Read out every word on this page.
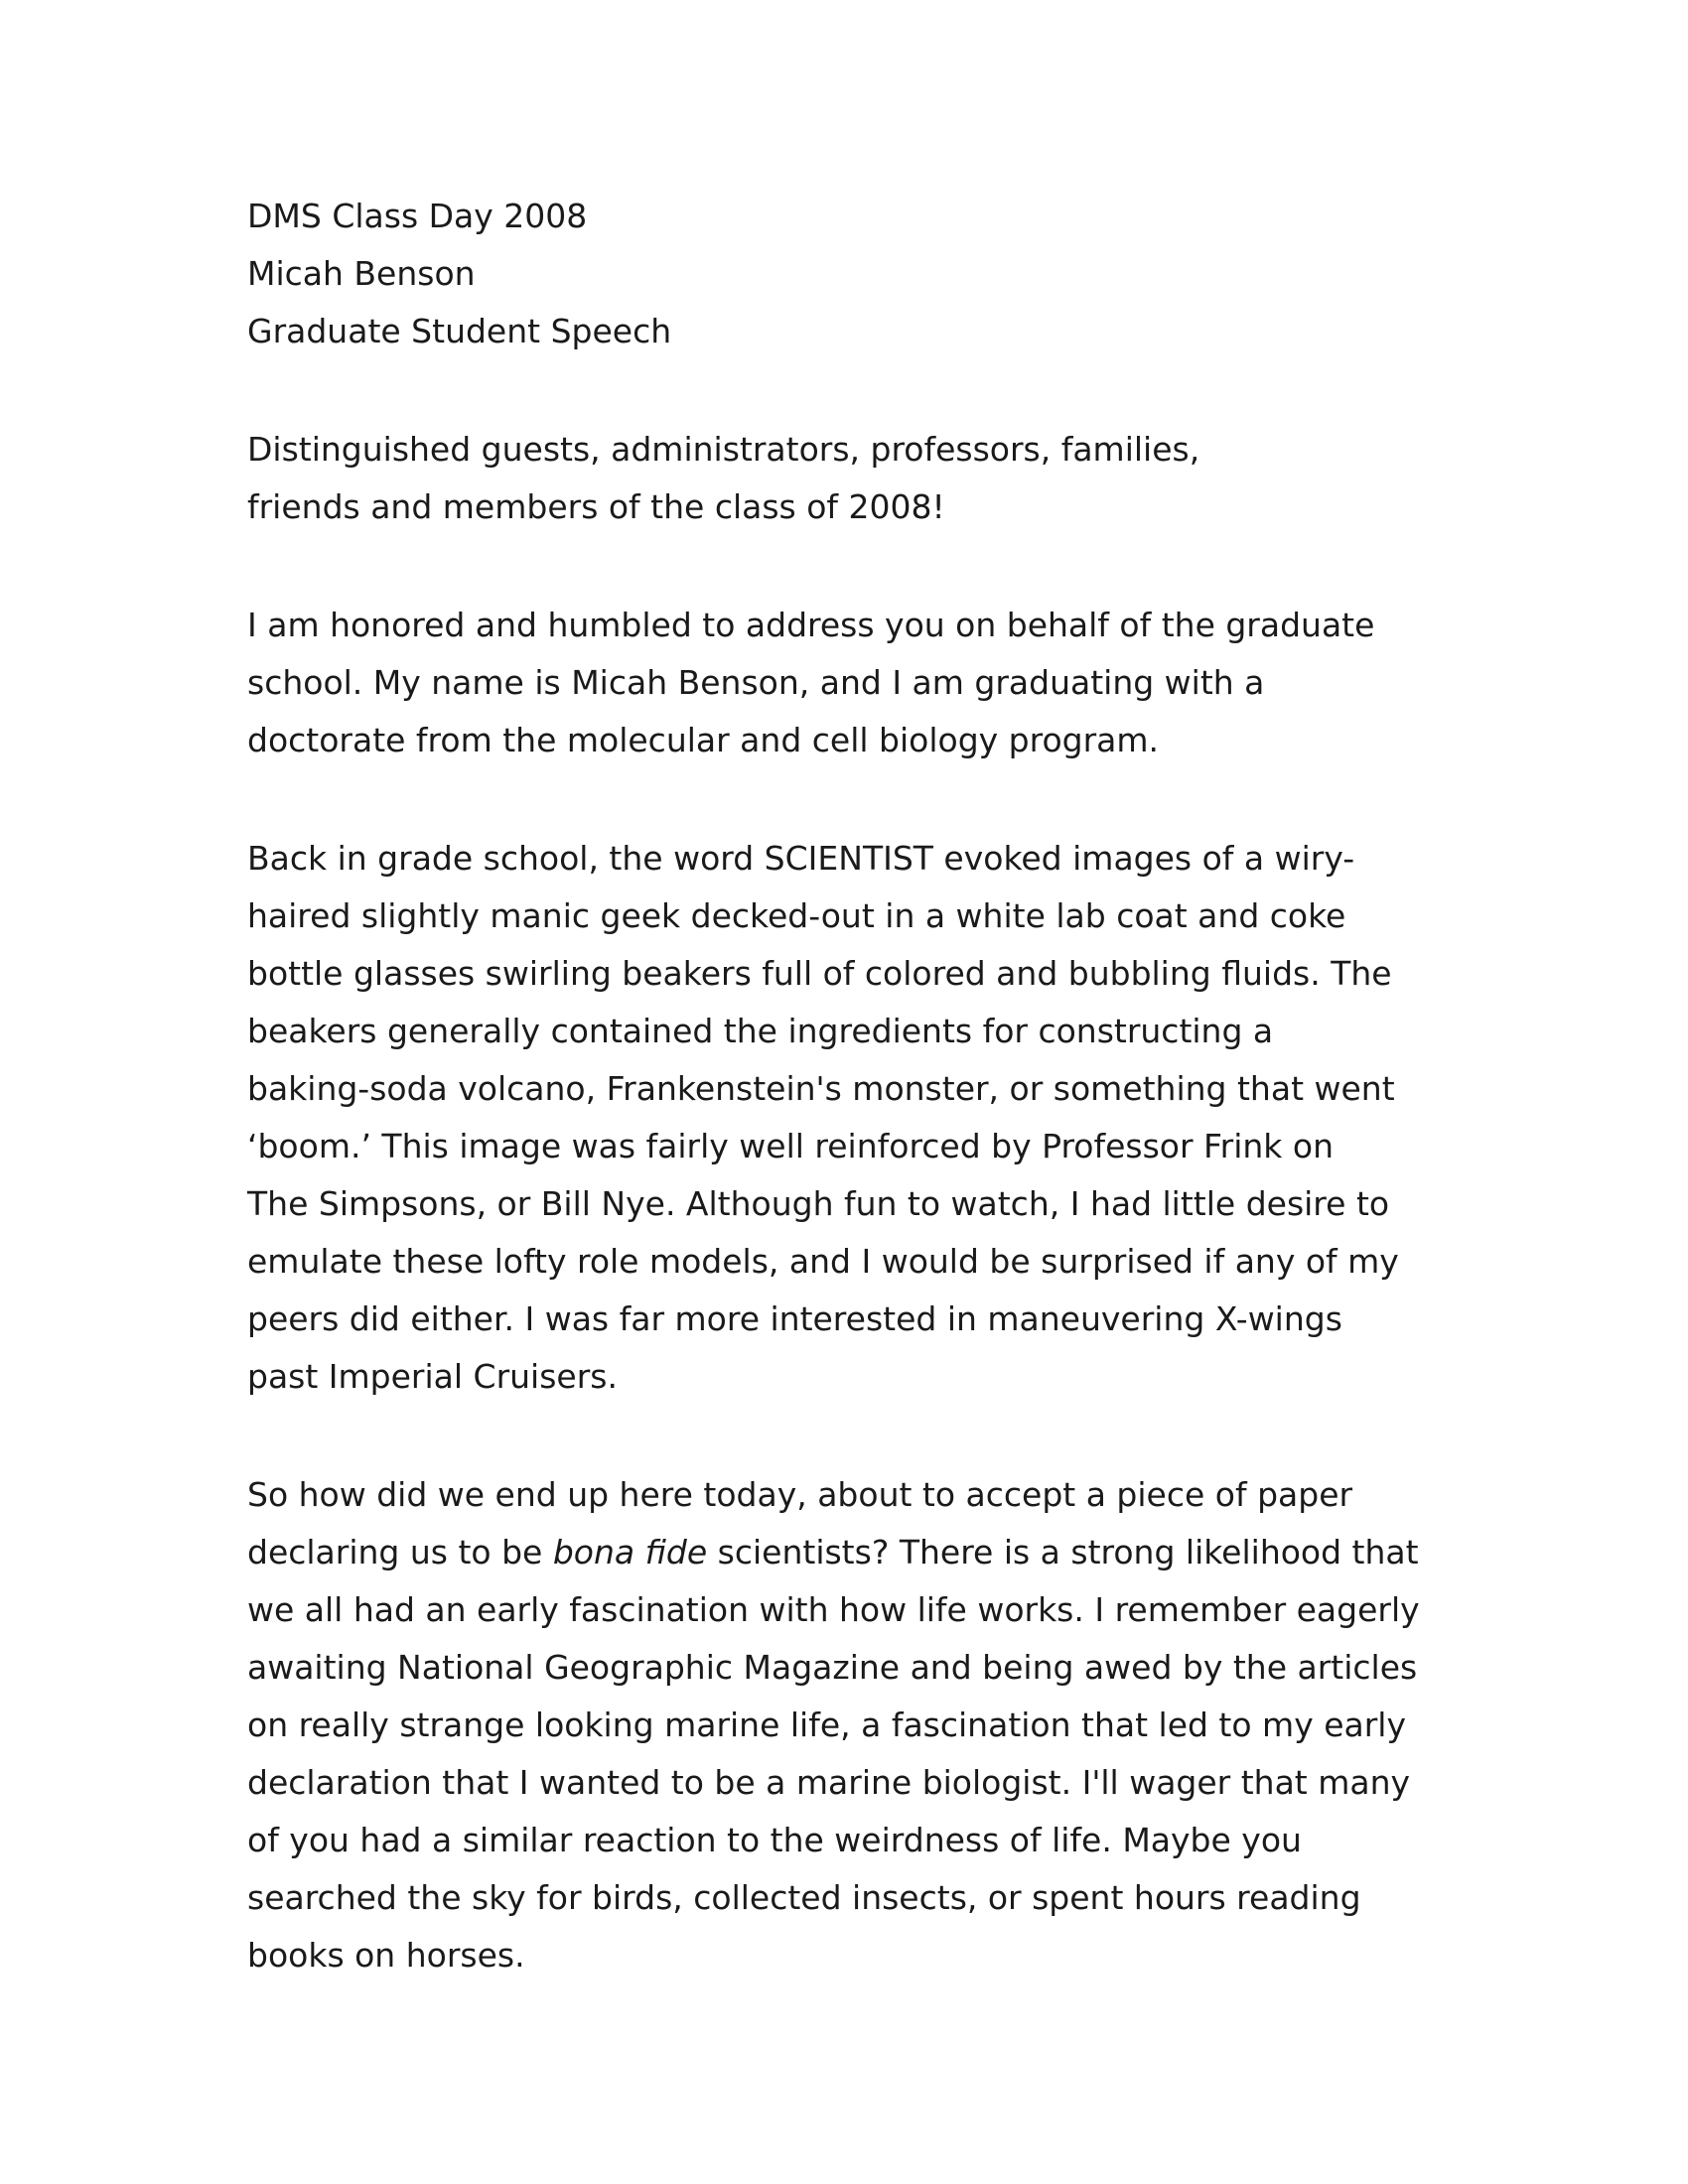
DMS Class Day 2008
Micah Benson
Graduate Student Speech
Distinguished guests, administrators, professors, families,
friends and members of the class of 2008!
I am honored and humbled to address you on behalf of the graduate
school. My name is Micah Benson, and I am graduating with a
doctorate from the molecular and cell biology program.
Back in grade school, the word SCIENTIST evoked images of a wiry-
haired slightly manic geek decked-out in a white lab coat and coke
bottle glasses swirling beakers full of colored and bubbling fluids. The
beakers generally contained the ingredients for constructing a
baking-soda volcano, Frankenstein's monster, or something that went
‘boom.’ This image was fairly well reinforced by Professor Frink on
The Simpsons, or Bill Nye. Although fun to watch, I had little desire to
emulate these lofty role models, and I would be surprised if any of my
peers did either. I was far more interested in maneuvering X-wings
past Imperial Cruisers.
So how did we end up here today, about to accept a piece of paper
declaring us to be bona fide scientists? There is a strong likelihood that
we all had an early fascination with how life works. I remember eagerly
awaiting National Geographic Magazine and being awed by the articles
on really strange looking marine life, a fascination that led to my early
declaration that I wanted to be a marine biologist. I'll wager that many
of you had a similar reaction to the weirdness of life. Maybe you
searched the sky for birds, collected insects, or spent hours reading
books on horses.
